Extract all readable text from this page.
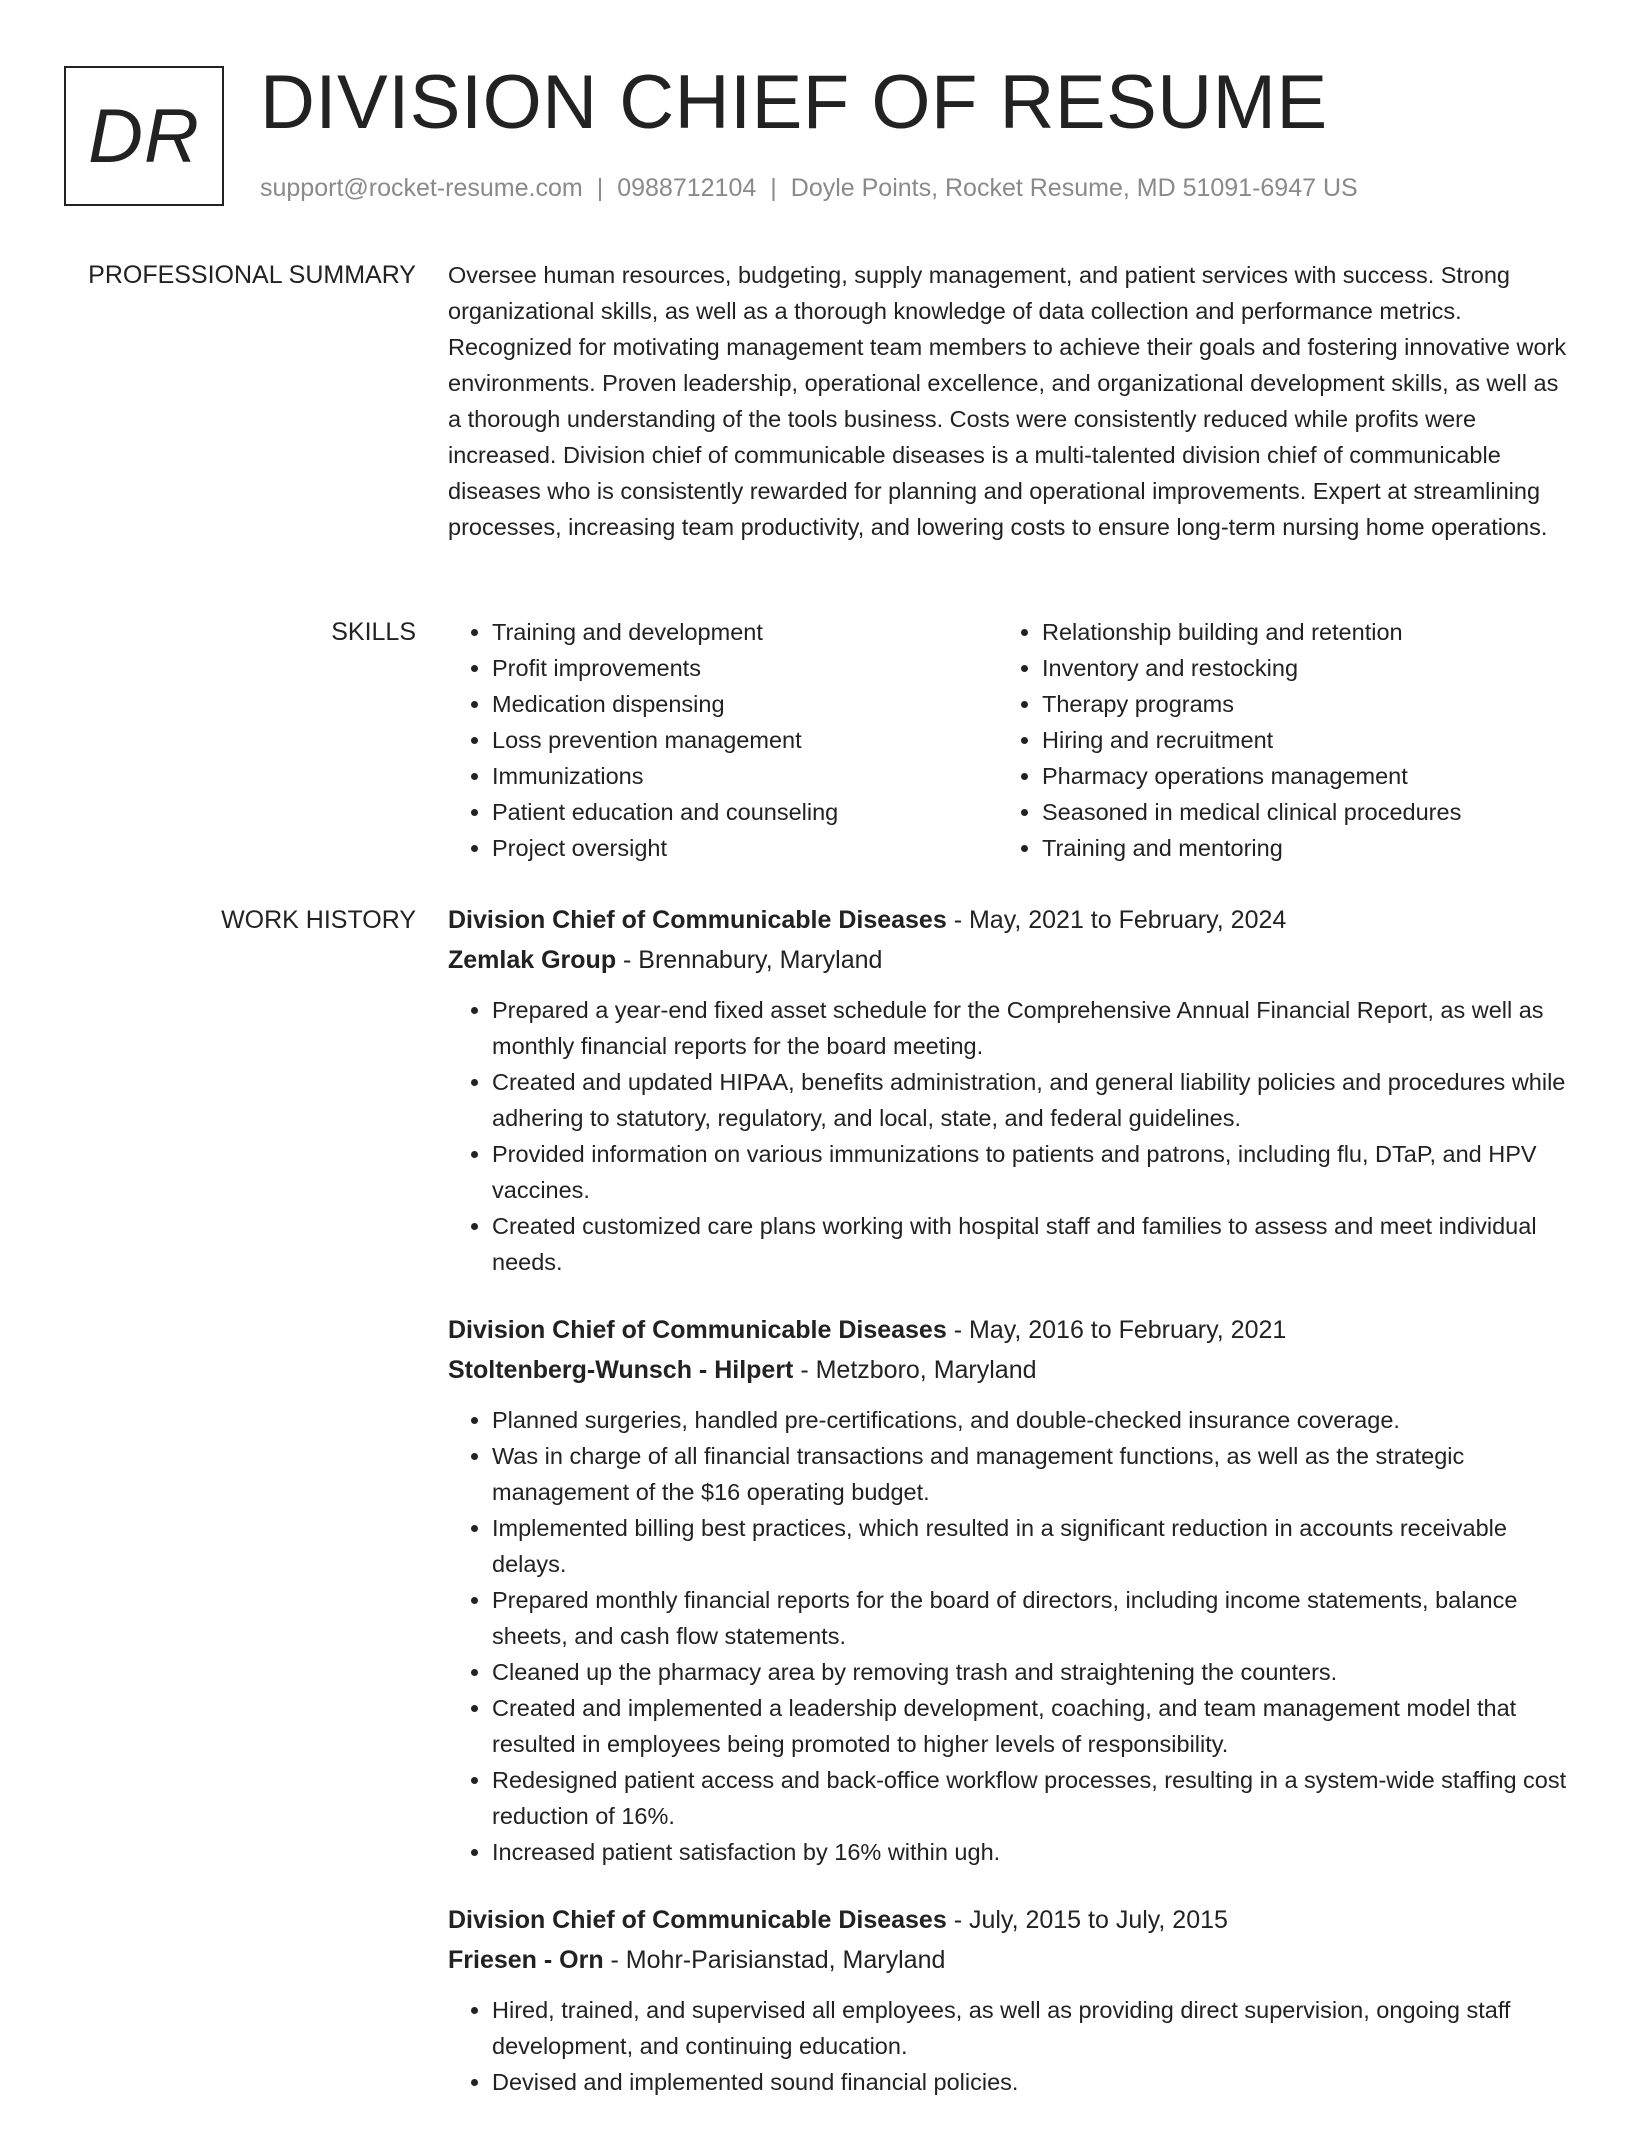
DR DIVISION CHIEF OF RESUME
support@rocket-resume.com | 0988712104 | Doyle Points, Rocket Resume, MD 51091-6947 US
PROFESSIONAL SUMMARY Oversee human resources, budgeting, supply management, and patient services with success. Strong organizational skills, as well as a thorough knowledge of data collection and performance metrics. Recognized for motivating management team members to achieve their goals and fostering innovative work environments. Proven leadership, operational excellence, and organizational development skills, as well as a thorough understanding of the tools business. Costs were consistently reduced while profits were increased. Division chief of communicable diseases is a multi-talented division chief of communicable diseases who is consistently rewarded for planning and operational improvements. Expert at streamlining processes, increasing team productivity, and lowering costs to ensure long-term nursing home operations.

SKILLS
•	Training and development
• Profit improvements
• Medication dispensing
• Loss prevention management
• Immunizations
• Patient education and counseling
• Project oversight
• Relationship building and retention
• Inventory and restocking
• Therapy programs
• Hiring and recruitment
• Pharmacy operations management
• Seasoned in medical clinical procedures
• Training and mentoring
WORK HISTORY Division Chief of Communicable Diseases - May, 2021 to February, 2024
Zemlak Group - Brennabury, Maryland
• Prepared a year-end fixed asset schedule for the Comprehensive Annual Financial Report, as well as monthly financial reports for the board meeting.
• Created and updated HIPAA, benefits administration, and general liability policies and procedures while adhering to statutory, regulatory, and local, state, and federal guidelines.
• Provided information on various immunizations to patients and patrons, including flu, DTaP, and HPV vaccines.
• Created customized care plans working with hospital staff and families to assess and meet individual needs.
Division Chief of Communicable Diseases - May, 2016 to February, 2021
Stoltenberg-Wunsch - Hilpert - Metzboro, Maryland
• Planned surgeries, handled pre-certifications, and double-checked insurance coverage.
• Was in charge of all financial transactions and management functions, as well as the strategic management of the $16 operating budget.
• Implemented billing best practices, which resulted in a significant reduction in accounts receivable delays.
• Prepared monthly financial reports for the board of directors, including income statements, balance sheets, and cash flow statements.
• Cleaned up the pharmacy area by removing trash and straightening the counters.
• Created and implemented a leadership development, coaching, and team management model that resulted in employees being promoted to higher levels of responsibility.
• Redesigned patient access and back-office workflow processes, resulting in a system-wide staffing cost reduction of 16%.
• Increased patient satisfaction by 16% within ugh.
Division Chief of Communicable Diseases - July, 2015 to July, 2015
Friesen - Orn - Mohr-Parisianstad, Maryland
• Hired, trained, and supervised all employees, as well as providing direct supervision, ongoing staff development, and continuing education.
• Devised and implemented sound financial policies.
